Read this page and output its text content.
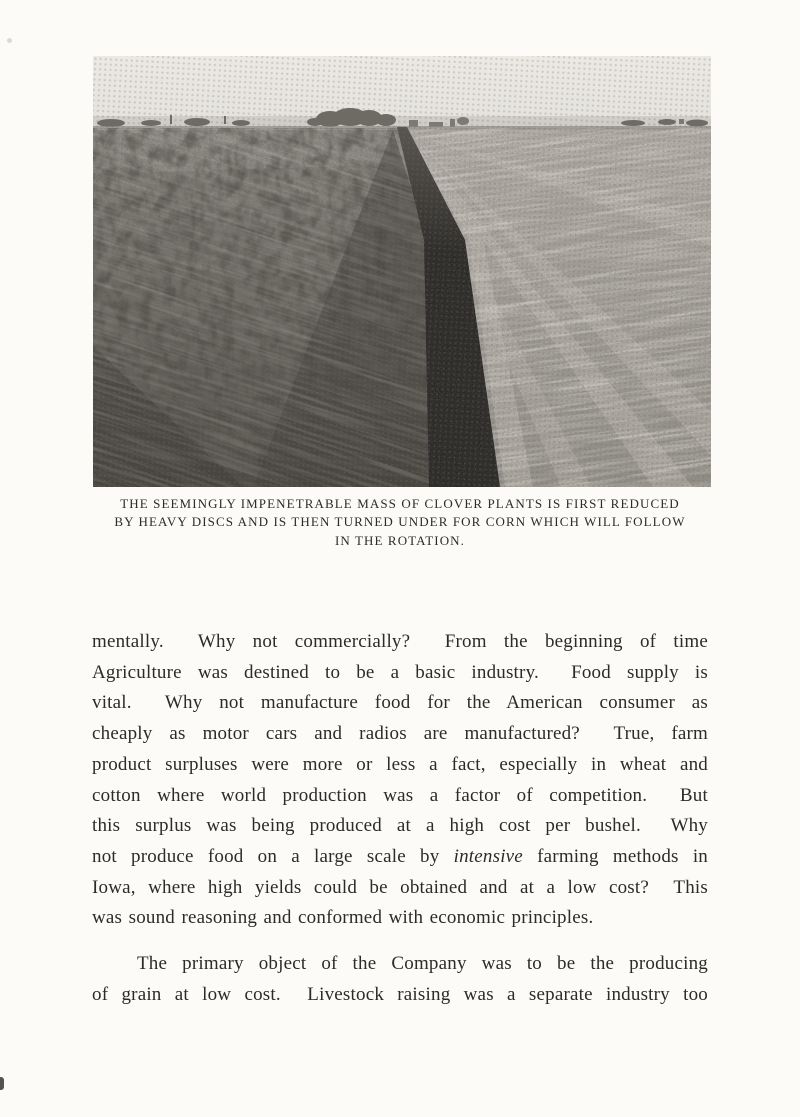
THE SEEMINGLY IMPENETRABLE MASS OF CLOVER PLANTS IS FIRST REDUCED
BY HEAVY DISCS AND IS THEN TURNED UNDER FOR CORN WHICH WILL FOLLOW
IN THE ROTATION.
mentally.  Why not commercially?  From the beginning of time
Agriculture was destined to be a basic industry.  Food supply is
vital.  Why not manufacture food for the American consumer as
cheaply as motor cars and radios are manufactured?  True, farm
product surpluses were more or less a fact, especially in wheat and
cotton where world production was a factor of competition.  But
this surplus was being produced at a high cost per bushel.  Why
not produce food on a large scale by intensive farming methods in
Iowa, where high yields could be obtained and at a low cost?  This
was sound reasoning and conformed with economic principles.
The primary object of the Company was to be the producing
of grain at low cost.  Livestock raising was a separate industry too
